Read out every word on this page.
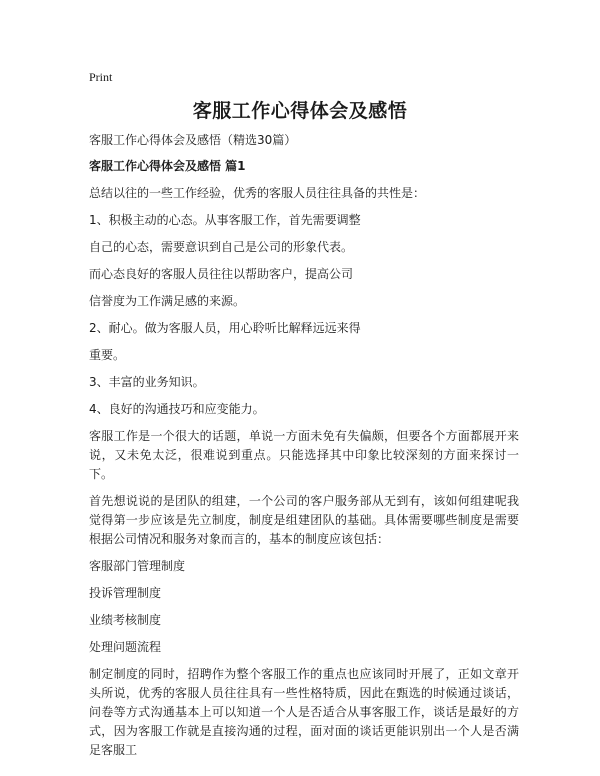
Print
客服工作心得体会及感悟

客服工作心得体会及感悟（精选30篇）

客服工作心得体会及感悟 篇1

总结以往的一些工作经验，优秀的客服人员往往具备的共性是：

1、积极主动的心态。从事客服工作，首先需要调整

自己的心态，需要意识到自己是公司的形象代表。

而心态良好的客服人员往往以帮助客户，提高公司

信誉度为工作满足感的来源。

2、耐心。做为客服人员，用心聆听比解释远远来得

重要。

3、丰富的业务知识。

4、良好的沟通技巧和应变能力。

客服工作是一个很大的话题，单说一方面未免有失偏颇，但要各个方面都展开来说，又未免太泛，很难说到重点。只能选择其中印象比较深刻的方面来探讨一下。

首先想说说的是团队的组建，一个公司的客户服务部从无到有，该如何组建呢我觉得第一步应该是先立制度，制度是组建团队的基础。具体需要哪些制度是需要根据公司情况和服务对象而言的，基本的制度应该包括：

客服部门管理制度

投诉管理制度

业绩考核制度

处理问题流程

制定制度的同时，招聘作为整个客服工作的重点也应该同时开展了，正如文章开头所说，优秀的客服人员往往具有一些性格特质，因此在甄选的时候通过谈话，问卷等方式沟通基本上可以知道一个人是否适合从事客服工作，谈话是最好的方式，因为客服工作就是直接沟通的过程，面对面的谈话更能识别出一个人是否满足客服工
